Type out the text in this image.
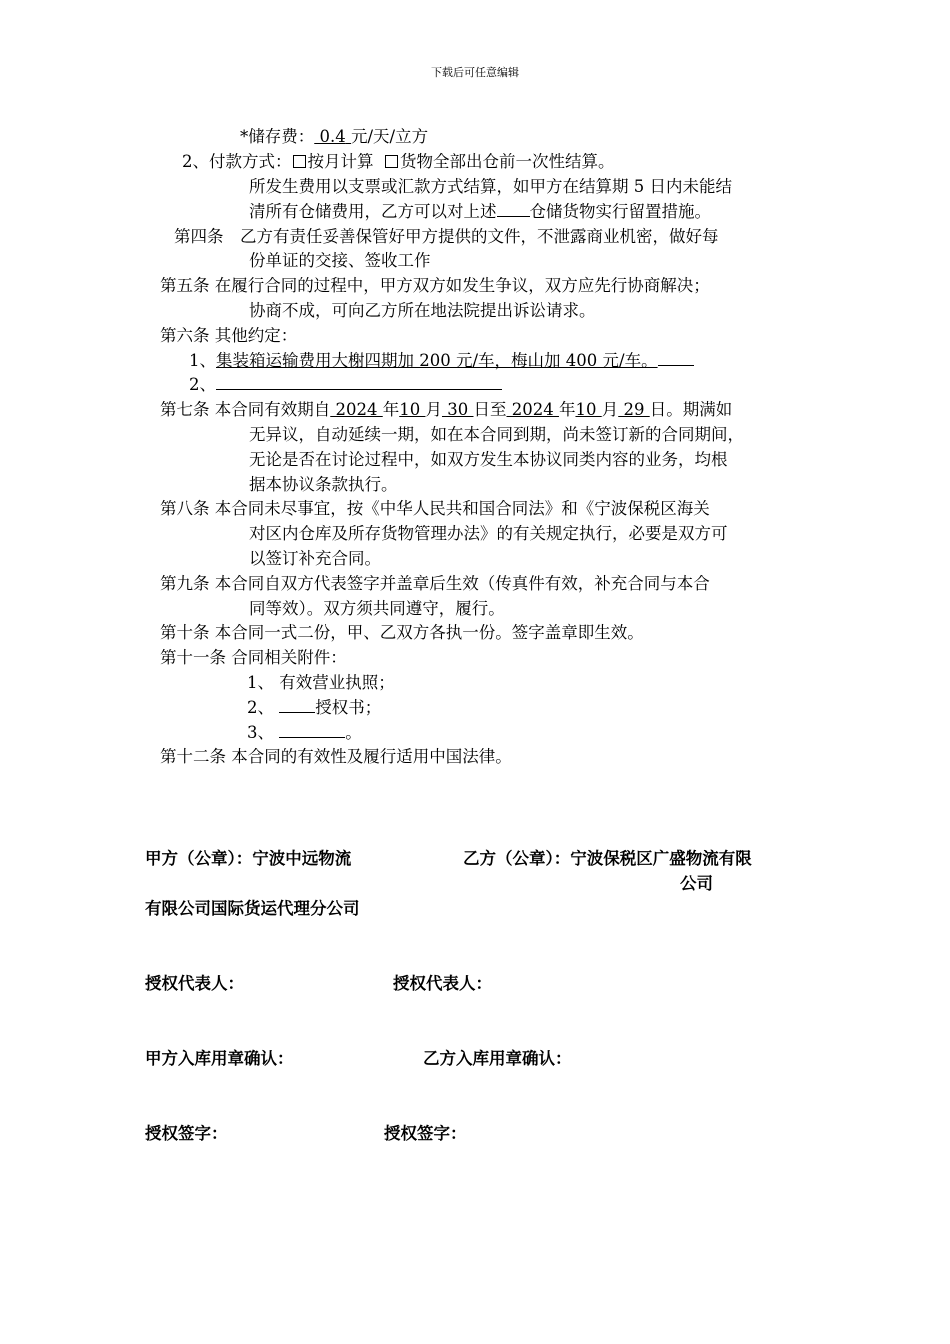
下载后可任意编辑
*储存费： 0.4 元/天/立方
2、付款方式： 按月计算 货物全部出仓前一次性结算。
所发生费用以支票或汇款方式结算，如甲方在结算期 5 日内未能结
清所有仓储费用，乙方可以对上述 仓储货物实行留置措施。
第四条　乙方有责任妥善保管好甲方提供的文件，不泄露商业机密，做好每
份单证的交接、签收工作
第五条 在履行合同的过程中，甲方双方如发生争议，双方应先行协商解决；
协商不成，可向乙方所在地法院提出诉讼请求。
第六条 其他约定：
1、集装箱运输费用大榭四期加 200 元/车，梅山加 400 元/车。
2、
第七条 本合同有效期自 2024 年10 月 30 日至 2024 年10 月 29 日。期满如
无异议，自动延续一期，如在本合同到期，尚未签订新的合同期间，
无论是否在讨论过程中，如双方发生本协议同类内容的业务，均根
据本协议条款执行。
第八条 本合同未尽事宜，按《中华人民共和国合同法》和《宁波保税区海关
对区内仓库及所存货物管理办法》的有关规定执行，必要是双方可
以签订补充合同。
第九条 本合同自双方代表签字并盖章后生效（传真件有效，补充合同与本合
同等效）。双方须共同遵守，履行。
第十条 本合同一式二份，甲、乙双方各执一份。签字盖章即生效。
第十一条 合同相关附件：
1、 有效营业执照；
2、	授权书；
3、	。
第十二条 本合同的有效性及履行适用中国法律。
甲方（公章）：宁波中远物流	乙方（公章）：宁波保税区广盛物流有限
公司
有限公司国际货运代理分公司
授权代表人：	授权代表人：
甲方入库用章确认：	乙方入库用章确认：
授权签字：	授权签字：
